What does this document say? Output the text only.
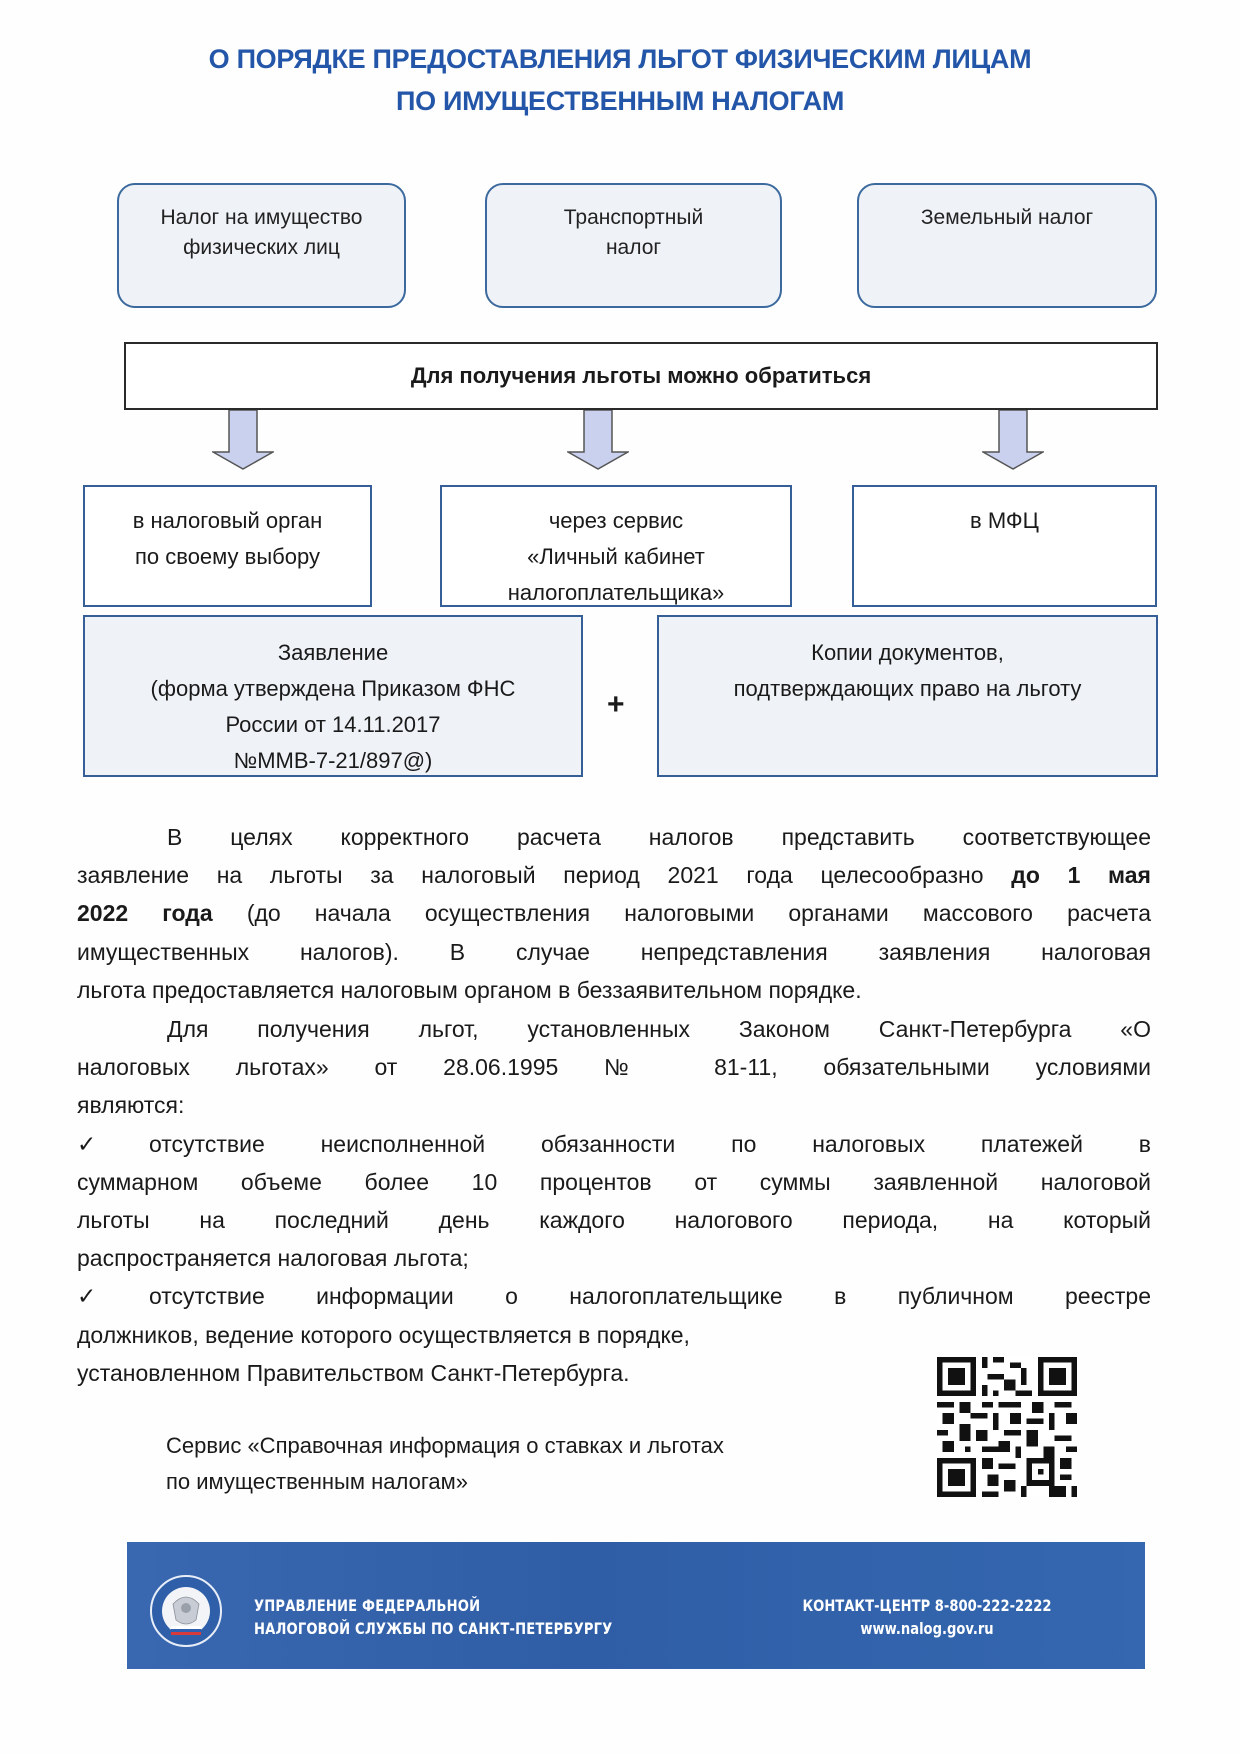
О ПОРЯДКЕ ПРЕДОСТАВЛЕНИЯ ЛЬГОТ ФИЗИЧЕСКИМ ЛИЦАМ
ПО ИМУЩЕСТВЕННЫМ НАЛОГАМ
Налог на имущество
физических лиц
Транспортный
налог
Земельный налог
Для получения льготы можно обратиться
в налоговый орган
по своему выбору
через сервис
«Личный кабинет
налогоплательщика»
в МФЦ
Заявление
(форма утверждена Приказом ФНС
России от 14.11.2017
№ММВ-7-21/897@)
+
Копии документов,
подтверждающих право на льготу
В целях корректного расчета налогов представить соответствующее
заявление на льготы за налоговый период 2021 года целесообразно до 1 мая
2022 года (до начала осуществления налоговыми органами массового расчета
имущественных налогов). В случае непредставления заявления налоговая
льгота предоставляется налоговым органом в беззаявительном порядке.
Для получения льгот, установленных Законом Санкт-Петербурга «О
налоговых льготах» от 28.06.1995 № 81-11, обязательными условиями
являются:
✓ отсутствие неисполненной обязанности по налоговых платежей в
суммарном объеме более 10 процентов от суммы заявленной налоговой
льготы на последний день каждого налогового периода, на который
распространяется налоговая льгота;
✓ отсутствие информации о налогоплательщике в публичном реестре
должников, ведение которого осуществляется в порядке,
установленном Правительством Санкт-Петербурга.
Сервис «Справочная информация о ставках и льготах
по имущественным налогам»
УПРАВЛЕНИЕ ФЕДЕРАЛЬНОЙ
НАЛОГОВОЙ СЛУЖБЫ ПО САНКТ-ПЕТЕРБУРГУ
КОНТАКТ-ЦЕНТР 8-800-222-2222
www.nalog.gov.ru
